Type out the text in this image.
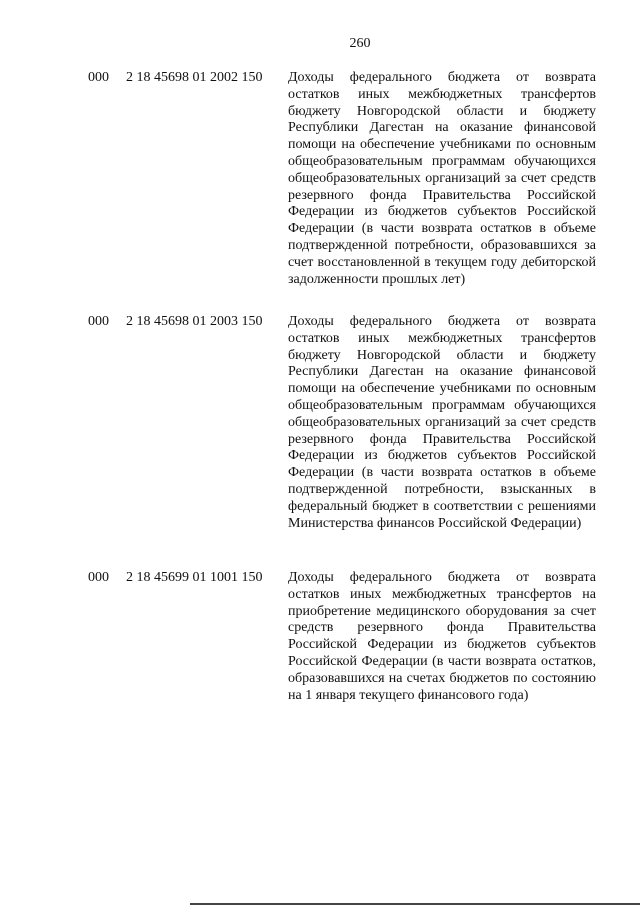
260
000 2 18 45698 01 2002 150 Доходы федерального бюджета от возврата остатков иных межбюджетных трансфертов бюджету Новгородской области и бюджету Республики Дагестан на оказание финансовой помощи на обеспечение учебниками по основным общеобразовательным программам обучающихся общеобразовательных организаций за счет средств резервного фонда Правительства Российской Федерации из бюджетов субъектов Российской Федерации (в части возврата остатков в объеме подтвержденной потребности, образовавшихся за счет восстановленной в текущем году дебиторской задолженности прошлых лет)
000 2 18 45698 01 2003 150 Доходы федерального бюджета от возврата остатков иных межбюджетных трансфертов бюджету Новгородской области и бюджету Республики Дагестан на оказание финансовой помощи на обеспечение учебниками по основным общеобразовательным программам обучающихся общеобразовательных организаций за счет средств резервного фонда Правительства Российской Федерации из бюджетов субъектов Российской Федерации (в части возврата остатков в объеме подтвержденной потребности, взысканных в федеральный бюджет в соответствии с решениями Министерства финансов Российской Федерации)
000 2 18 45699 01 1001 150 Доходы федерального бюджета от возврата остатков иных межбюджетных трансфертов на приобретение медицинского оборудования за счет средств резервного фонда Правительства Российской Федерации из бюджетов субъектов Российской Федерации (в части возврата остатков, образовавшихся на счетах бюджетов по состоянию на 1 января текущего финансового года)
